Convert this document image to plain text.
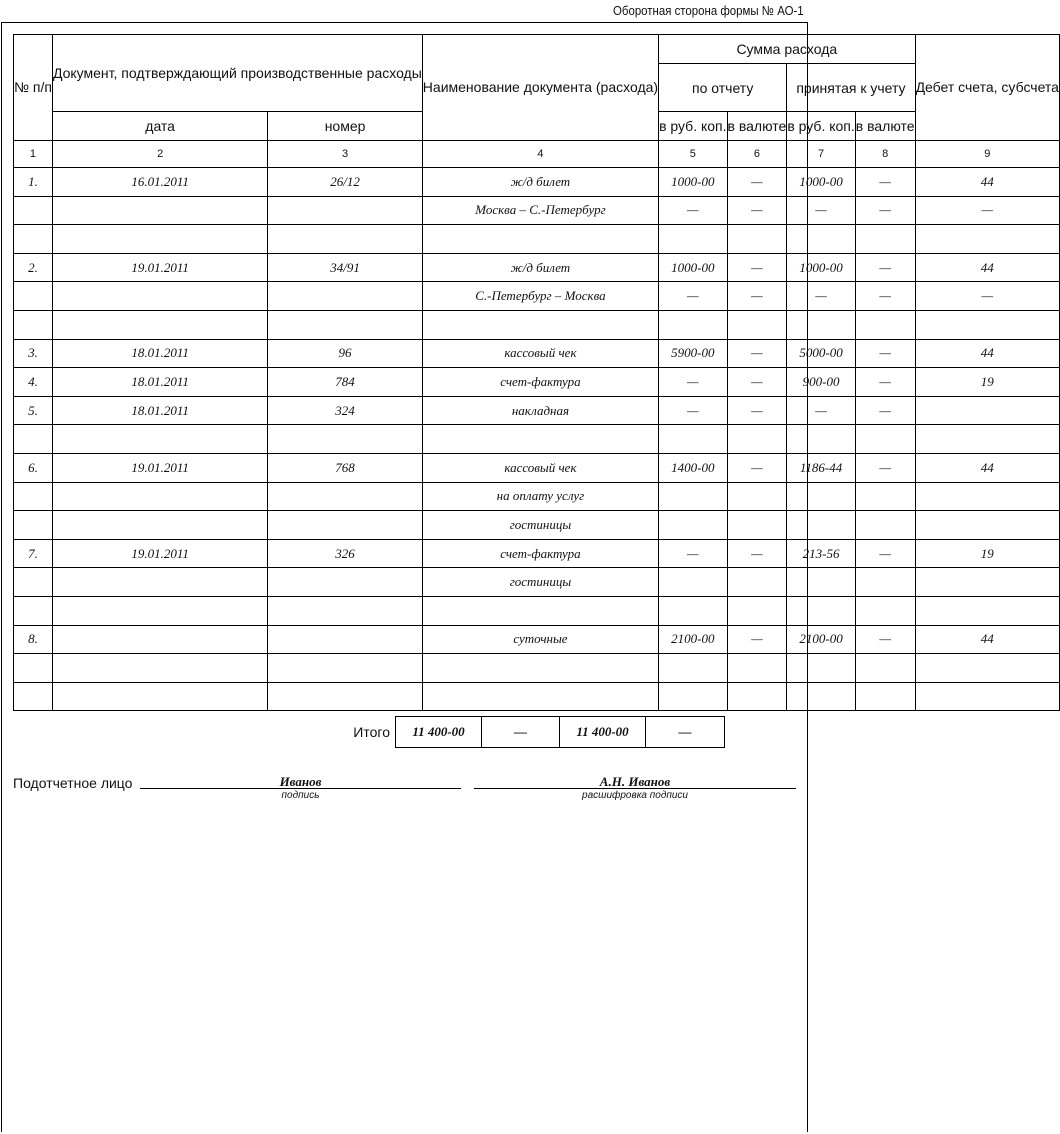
Оборотная сторона формы № АО-1
№ п/п	Документ, подтверждающий производственные расходы		Наименование документа (расхода)	Сумма расхода				Дебет счета, субсчета
				по отчету		принятая к учету		
	дата	номер		в руб. коп.	в валюте	в руб. коп.	в валюте	
1	2	3	4	5	6	7	8	9
1.	16.01.2011	26/12	ж/д билет	1000-00	—	1000-00	—	44
			Москва – С.-Петербург	—	—	—	—	—

2.	19.01.2011	34/91	ж/д билет	1000-00	—	1000-00	—	44
			С.-Петербург – Москва	—	—	—	—	—

3.	18.01.2011	96	кассовый чек	5900-00	—	5000-00	—	44
4.	18.01.2011	784	счет-фактура	—	—	900-00	—	19
5.	18.01.2011	324	накладная	—	—	—	—	

6.	19.01.2011	768	кассовый чек	1400-00	—	1186-44	—	44
			на оплату услуг					
			гостиницы					
7.	19.01.2011	326	счет-фактура	—	—	213-56	—	19
			гостиницы					

8.			суточные	2100-00	—	2100-00	—	44

Итого 11 400-00	—	11 400-00	—
Подотчетное лицо	Иванов
подпись
А.Н. Иванов
расшифровка подписи
